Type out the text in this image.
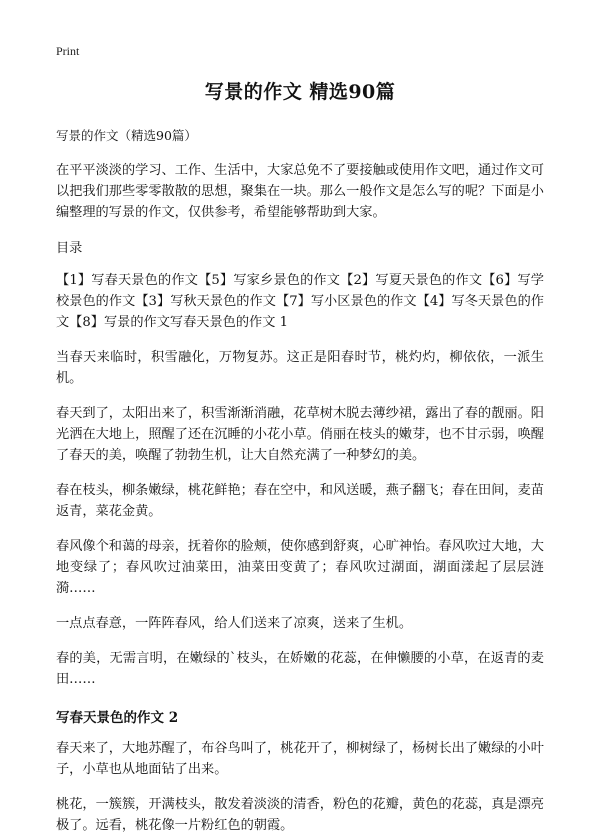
Print
写景的作文 精选90篇
写景的作文（精选90篇）

在平平淡淡的学习、工作、生活中，大家总免不了要接触或使用作文吧，通过作文可以把我们那些零零散散的思想，聚集在一块。那么一般作文是怎么写的呢？下面是小编整理的写景的作文，仅供参考，希望能够帮助到大家。

目录

【1】写春天景色的作文【5】写家乡景色的作文【2】写夏天景色的作文【6】写学校景色的作文【3】写秋天景色的作文【7】写小区景色的作文【4】写冬天景色的作文【8】写景的作文写春天景色的作文 1

当春天来临时，积雪融化，万物复苏。这正是阳春时节，桃灼灼，柳依依，一派生机。

春天到了，太阳出来了，积雪渐渐消融，花草树木脱去薄纱裙，露出了春的靓丽。阳光洒在大地上，照醒了还在沉睡的小花小草。俏丽在枝头的嫩芽，也不甘示弱，唤醒了春天的美，唤醒了勃勃生机，让大自然充满了一种梦幻的美。

春在枝头，柳条嫩绿，桃花鲜艳；春在空中，和风送暖，燕子翻飞；春在田间，麦苗返青，菜花金黄。

春风像个和蔼的母亲，抚着你的脸颊，使你感到舒爽，心旷神怡。春风吹过大地，大地变绿了；春风吹过油菜田，油菜田变黄了；春风吹过湖面，湖面漾起了层层涟漪……

一点点春意，一阵阵春风，给人们送来了凉爽，送来了生机。

春的美，无需言明，在嫩绿的`枝头，在娇嫩的花蕊，在伸懒腰的小草，在返青的麦田……

写春天景色的作文 2

春天来了，大地苏醒了，布谷鸟叫了，桃花开了，柳树绿了，杨树长出了嫩绿的小叶子，小草也从地面钻了出来。

桃花，一簇簇，开满枝头，散发着淡淡的清香，粉色的花瓣，黄色的花蕊，真是漂亮极了。远看，桃花像一片粉红色的朝霞。
